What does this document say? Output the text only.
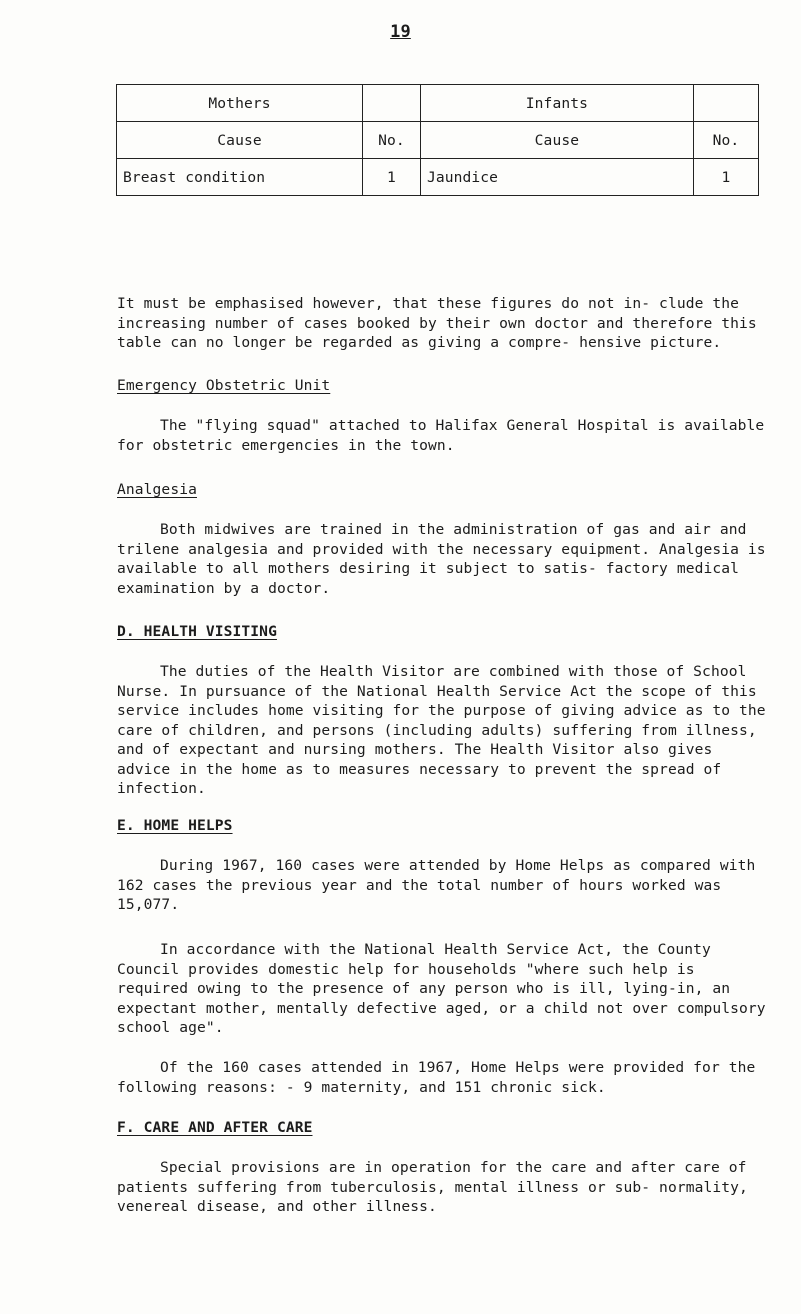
19
Mothers		Infants	
Cause	No.	Cause	No.
Breast condition	1	Jaundice	1

It must be emphasised however, that these figures do not in- clude the increasing number of cases booked by their own doctor and therefore this table can no longer be regarded as giving a compre- hensive picture.

Emergency Obstetric Unit

The "flying squad" attached to Halifax General Hospital is available for obstetric emergencies in the town.

Analgesia

Both midwives are trained in the administration of gas and air and trilene analgesia and provided with the necessary equipment. Analgesia is available to all mothers desiring it subject to satis- factory medical examination by a doctor.

D. HEALTH VISITING

The duties of the Health Visitor are combined with those of School Nurse. In pursuance of the National Health Service Act the scope of this service includes home visiting for the purpose of giving advice as to the care of children, and persons (including adults) suffering from illness, and of expectant and nursing mothers. The Health Visitor also gives advice in the home as to measures necessary to prevent the spread of infection.

E. HOME HELPS

During 1967, 160 cases were attended by Home Helps as compared with 162 cases the previous year and the total number of hours worked was 15,077.

In accordance with the National Health Service Act, the County Council provides domestic help for households "where such help is required owing to the presence of any person who is ill, lying-in, an expectant mother, mentally defective aged, or a child not over compulsory school age".

Of the 160 cases attended in 1967, Home Helps were provided for the following reasons: - 9 maternity, and 151 chronic sick.

F. CARE AND AFTER CARE

Special provisions are in operation for the care and after care of patients suffering from tuberculosis, mental illness or sub- normality, venereal disease, and other illness.
